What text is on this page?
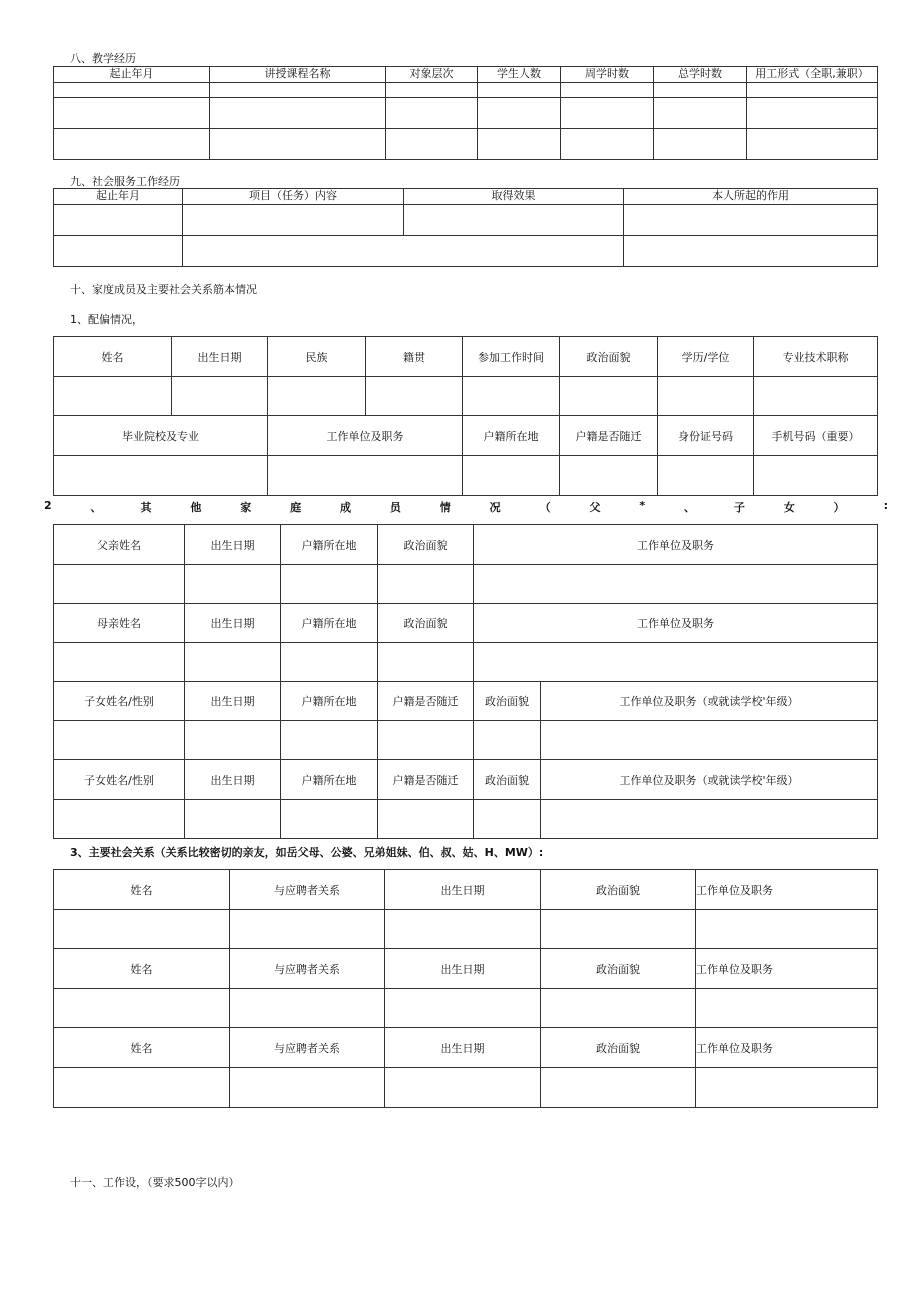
八、教学经历
起止年月	讲授课程名称	对象层次	学生人数	周学时数	总学时数	用工形式（全职,兼职）

九、社会服务工作经历
起止年月	项目（任务）内容	取得效果	本人所起的作用

十、家度成员及主要社会关系筋本情况
1、配偏情况，
姓名	出生日期	民族	籍贯	参加工作时间	政治面貌	学历/学位	专业技术职称

毕业院校及专业		工作单位及职务		户籍所在地	户籍是否随迁	身份证号码	手机号码（重要）

2	、	其	他	家	庭	成	员	情	况	（	父	*	、	子	女	）	:
父亲姓名	出生日期	户籍所在地	政治面貌	工作单位及职务	

母亲姓名	出生日期	户籍所在地	政治面貌	工作单位及职务	

子女姓名/性别	出生日期	户籍所在地	户籍是否随迁	政治面貌	工作单位及职务（或就读学校'年级）

子女姓名/性别	出生日期	户籍所在地	户籍是否随迁	政治面貌	工作单位及职务（或就读学校'年级）

3、主要社会关系（关系比较密切的亲友，如岳父母、公婆、兄弟姐妹、伯、叔、姑、H、MW）:
姓名	与应聘者关系	出生日期	政治面貌	工作单位及职务

姓名	与应聘者关系	出生日期	政治面貌	工作单位及职务

姓名	与应聘者关系	出生日期	政治面貌	工作单位及职务

十一、工作设，（要求500字以内）
